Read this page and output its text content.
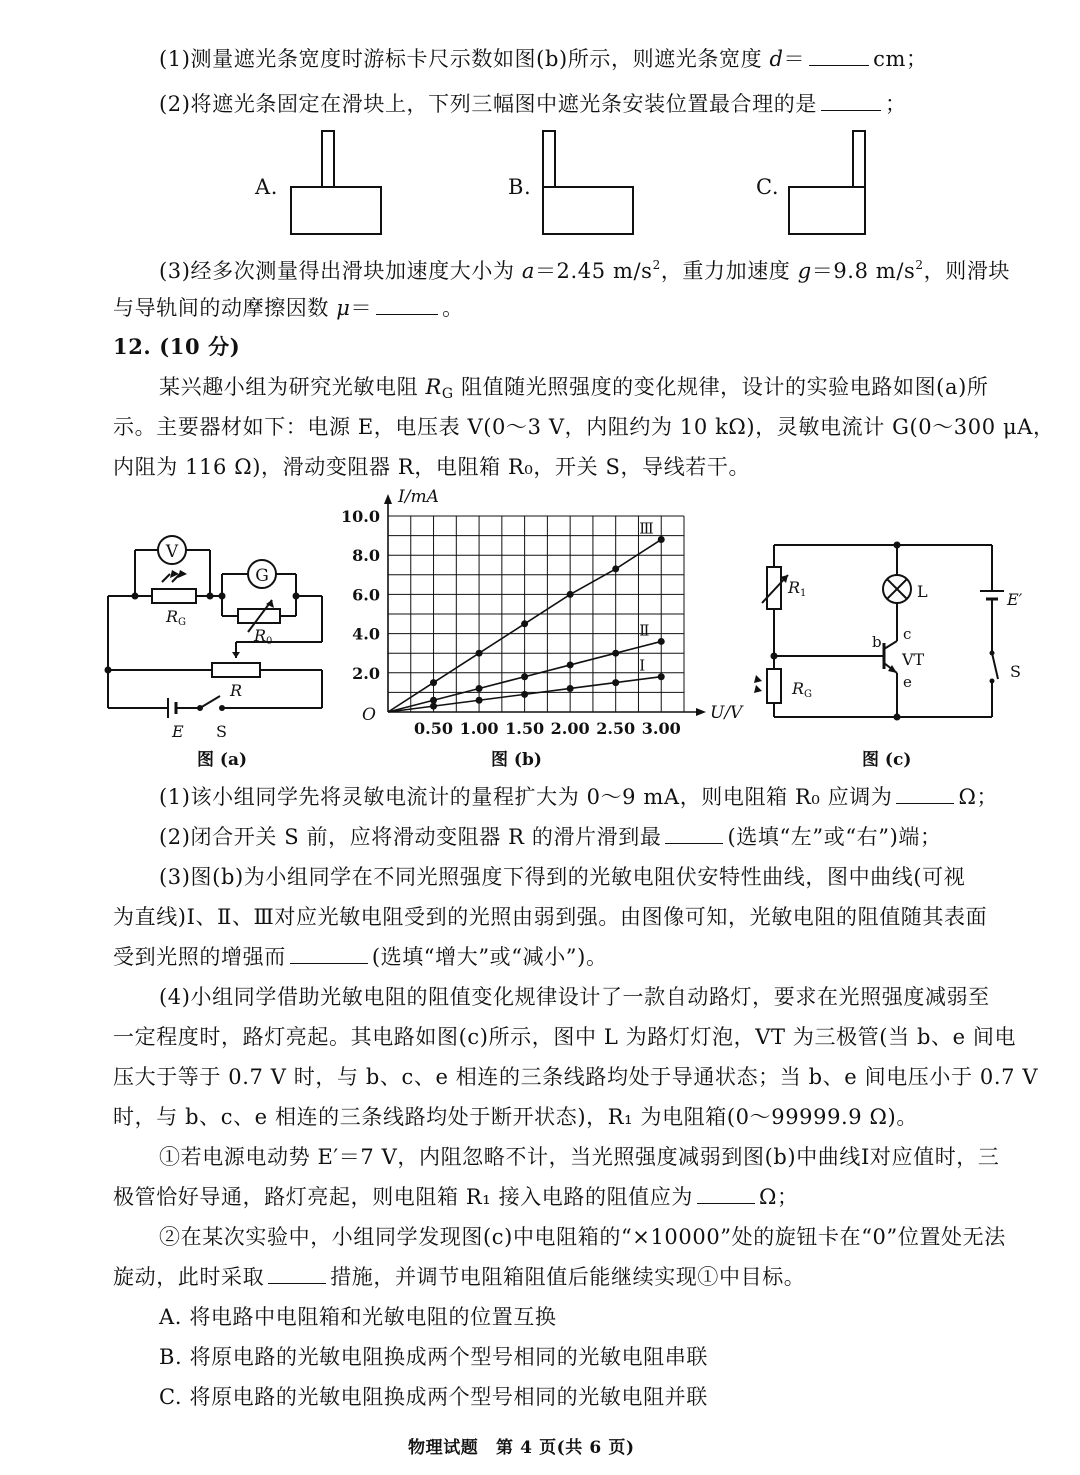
(1)测量遮光条宽度时游标卡尺示数如图(b)所示，则遮光条宽度 d＝	cm；
(2)将遮光条固定在滑块上，下列三幅图中遮光条安装位置最合理的是	；
A.	B.	C.
(3)经多次测量得出滑块加速度大小为 a＝2.45 $m/s^2$，重力加速度 g＝9.8 $m/s^2$，则滑块
与导轨间的动摩擦因数 μ＝	。
12. (10 分)
某兴趣小组为研究光敏电阻 RG 阻值随光照强度的变化规律，设计的实验电路如图(a)所
示。主要器材如下：电源 E，电压表 V(0～3 V，内阻约为 10 kΩ)，灵敏电流计 G(0～300 μA，
内阻为 116 Ω)，滑动变阻器 R，电阻箱 R₀，开关 S，导线若干。
V
G
R G
R 0
R
E S
图 (a)
0.50 1.00 1.50 2.00 2.50 3.00
2.0
4.0
6.0
8.0
10.0
O	U/V
I/mA
Ⅰ
Ⅱ
Ⅲ
图 (b)
R 1	L	E′
b c
VT
e
R G
S
图 (c)
(1)该小组同学先将灵敏电流计的量程扩大为 0～9 mA，则电阻箱 R₀ 应调为	Ω；
(2)闭合开关 S 前，应将滑动变阻器 R 的滑片滑到最	(选填“左”或“右”)端；
(3)图(b)为小组同学在不同光照强度下得到的光敏电阻伏安特性曲线，图中曲线(可视
为直线)Ⅰ、Ⅱ、Ⅲ对应光敏电阻受到的光照由弱到强。由图像可知，光敏电阻的阻值随其表面
受到光照的增强而	(选填“增大”或“减小”)。
(4)小组同学借助光敏电阻的阻值变化规律设计了一款自动路灯，要求在光照强度减弱至
一定程度时，路灯亮起。其电路如图(c)所示，图中 L 为路灯灯泡，VT 为三极管(当 b、e 间电
压大于等于 0.7 V 时，与 b、c、e 相连的三条线路均处于导通状态；当 b、e 间电压小于 0.7 V
时，与 b、c、e 相连的三条线路均处于断开状态)，R₁ 为电阻箱(0～99999.9 Ω)。
①若电源电动势 E′＝7 V，内阻忽略不计，当光照强度减弱到图(b)中曲线Ⅰ对应值时，三
极管恰好导通，路灯亮起，则电阻箱 R₁ 接入电路的阻值应为	Ω；
②在某次实验中，小组同学发现图(c)中电阻箱的“×10000”处的旋钮卡在“0”位置处无法
旋动，此时采取	措施，并调节电阻箱阻值后能继续实现①中目标。
A. 将电路中电阻箱和光敏电阻的位置互换
B. 将原电路的光敏电阻换成两个型号相同的光敏电阻串联
C. 将原电路的光敏电阻换成两个型号相同的光敏电阻并联
物理试题　第 4 页(共 6 页)
